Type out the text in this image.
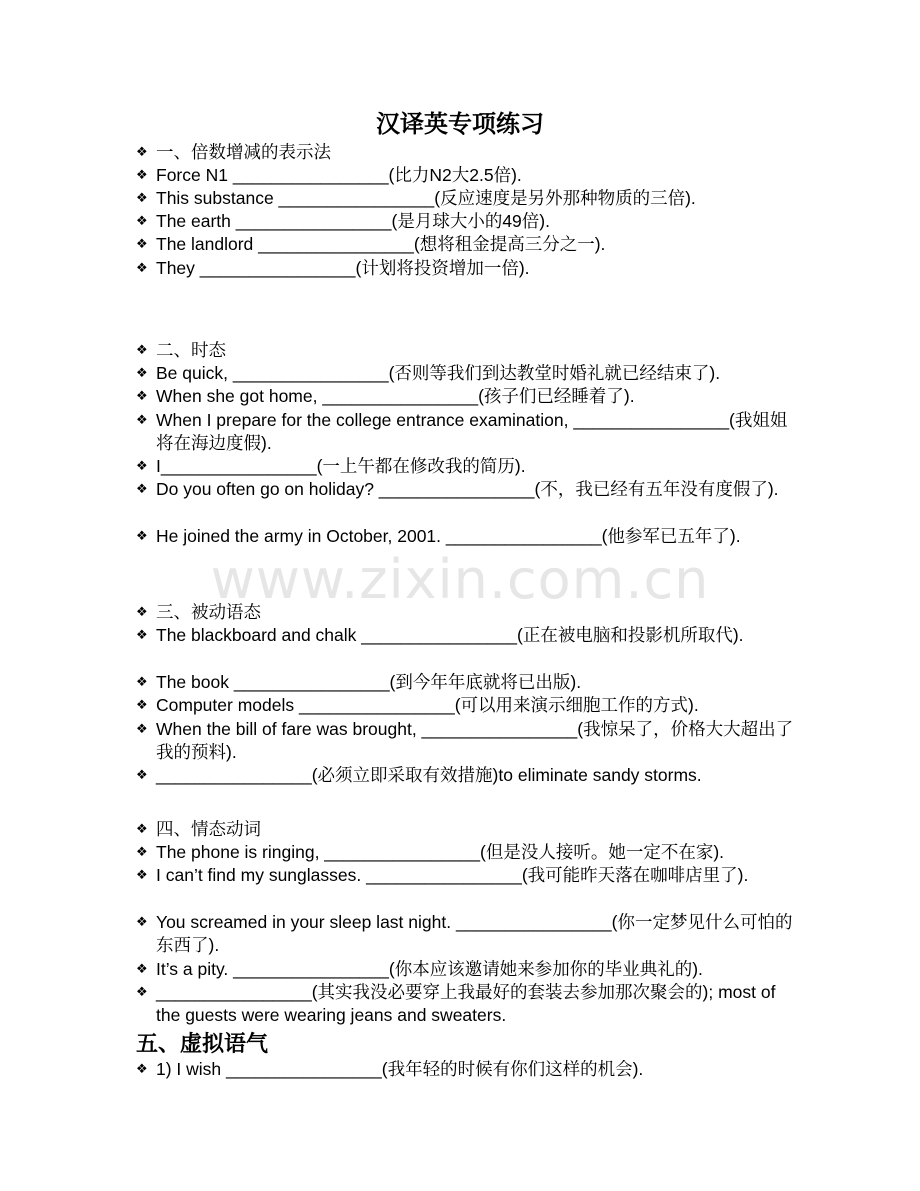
www.zixin.com.cn
汉译英专项练习
❖ 一、倍数增减的表示法
❖ Force N1 ________________(比力N2大2.5倍).
❖ This substance ________________(反应速度是另外那种物质的三倍).
❖ The earth ________________(是月球大小的49倍).
❖ The landlord ________________(想将租金提高三分之一).
❖ They ________________(计划将投资增加一倍).
❖ 二、时态
❖ Be quick, ________________(否则等我们到达教堂时婚礼就已经结束了).
❖ When she got home, ________________(孩子们已经睡着了).
❖ When I prepare for the college entrance examination, ________________(我姐姐将在海边度假).
❖ I________________(一上午都在修改我的简历).
❖ Do you often go on holiday? ________________(不，我已经有五年没有度假了).
❖ He joined the army in October, 2001. ________________(他参军已五年了).
❖ 三、被动语态
❖ The blackboard and chalk ________________(正在被电脑和投影机所取代).
❖ The book ________________(到今年年底就将已出版).
❖ Computer models ________________(可以用来演示细胞工作的方式).
❖ When the bill of fare was brought, ________________(我惊呆了，价格大大超出了我的预料).
❖ ________________(必须立即采取有效措施)to eliminate sandy storms.
❖ 四、情态动词
❖ The phone is ringing, ________________(但是没人接听。她一定不在家).
❖ I can’t find my sunglasses. ________________(我可能昨天落在咖啡店里了).
❖ You screamed in your sleep last night. ________________(你一定梦见什么可怕的东西了).
❖ It’s a pity. ________________(你本应该邀请她来参加你的毕业典礼的).
❖ ________________(其实我没必要穿上我最好的套装去参加那次聚会的); most of the guests were wearing jeans and sweaters.
五、虚拟语气
❖ 1) I wish ________________(我年轻的时候有你们这样的机会).
